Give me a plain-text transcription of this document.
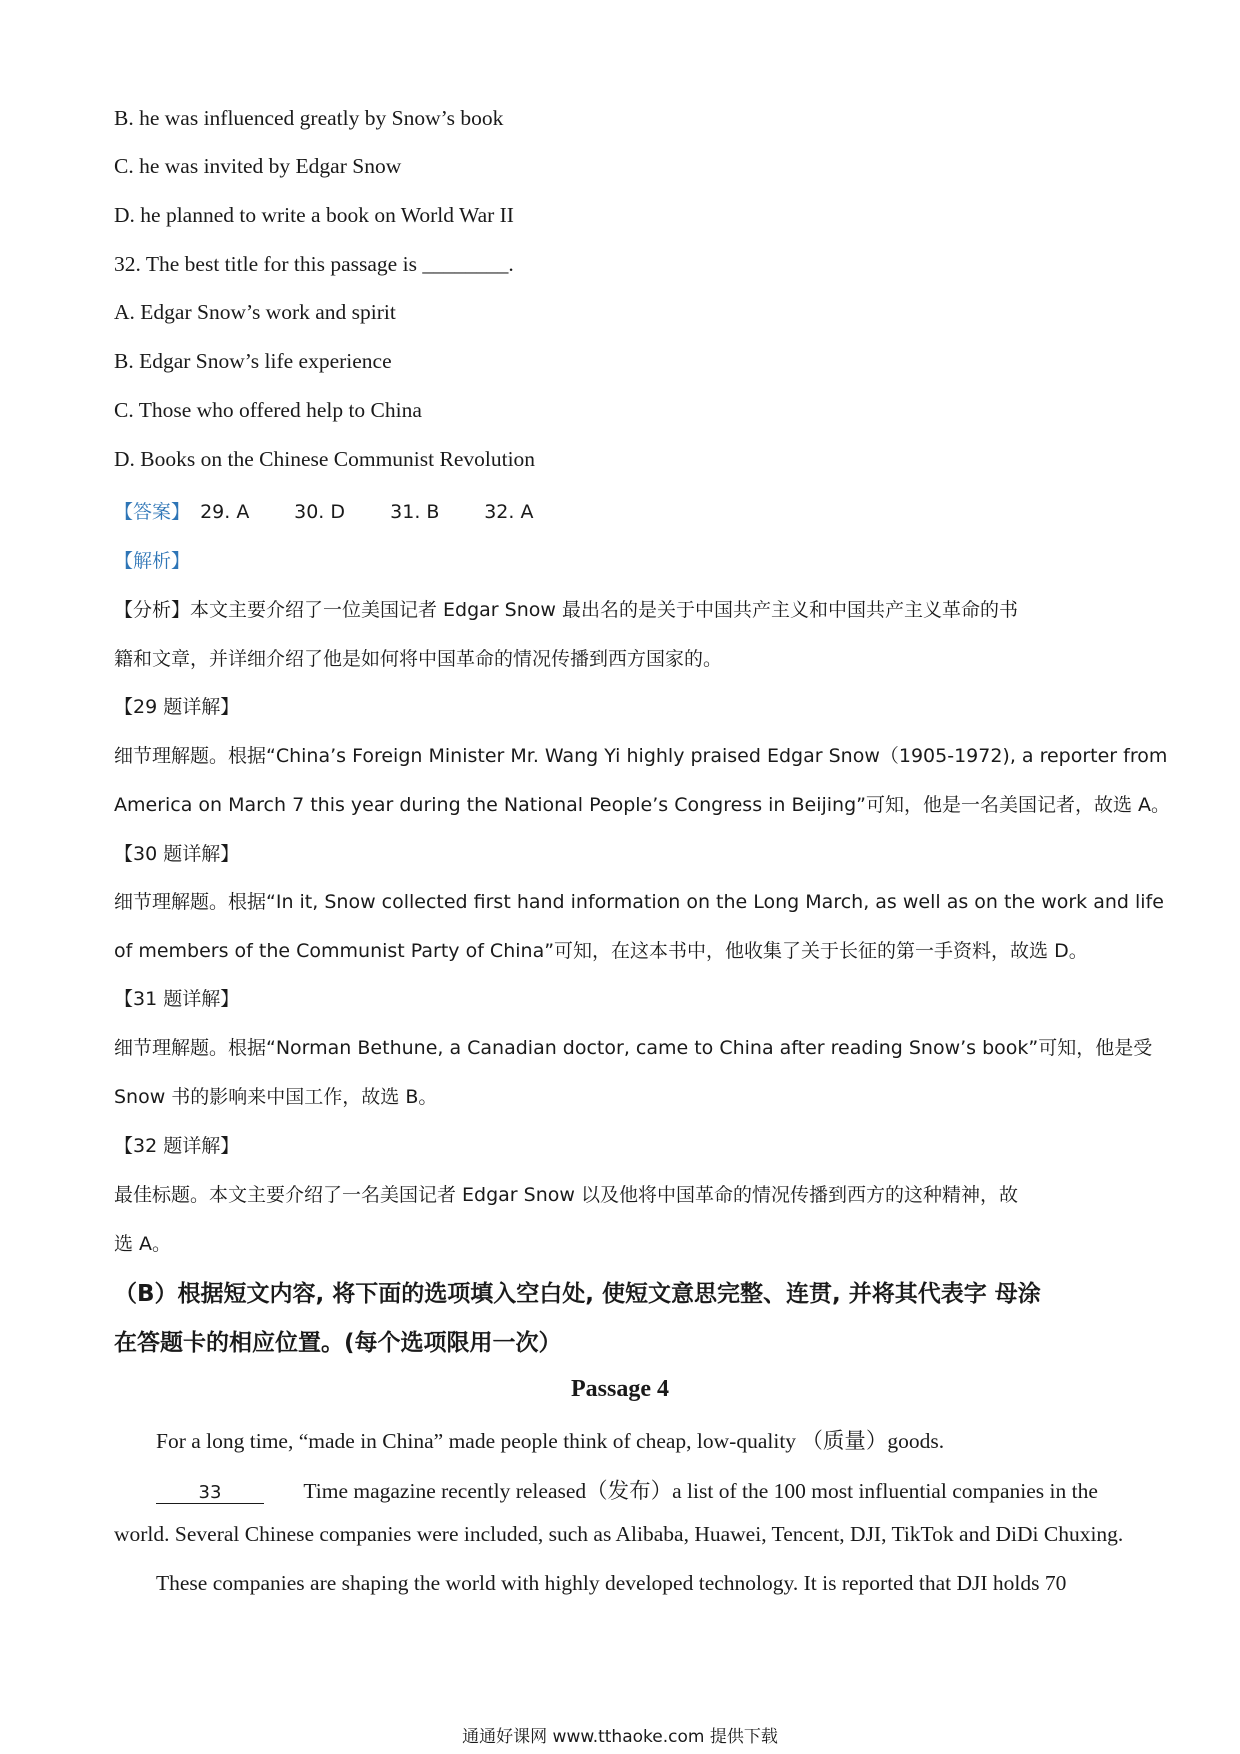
B. he was influenced greatly by Snow’s book
C. he was invited by Edgar Snow
D. he planned to write a book on World War II
32. The best title for this passage is ________.
A. Edgar Snow’s work and spirit
B. Edgar Snow’s life experience
C. Those who offered help to China
D. Books on the Chinese Communist Revolution
【答案】 29. A 30. D 31. B 32. A
【解析】
【分析】本文主要介绍了一位美国记者 Edgar Snow 最出名的是关于中国共产主义和中国共产主义革命的书
籍和文章，并详细介绍了他是如何将中国革命的情况传播到西方国家的。
【29 题详解】
细节理解题。根据“China’s Foreign Minister Mr. Wang Yi highly praised Edgar Snow（1905-1972), a reporter from
America on March 7 this year during the National People’s Congress in Beijing”可知，他是一名美国记者，故选 A。
【30 题详解】
细节理解题。根据“In it, Snow collected first hand information on the Long March, as well as on the work and life
of members of the Communist Party of China”可知，在这本书中，他收集了关于长征的第一手资料，故选 D。
【31 题详解】
细节理解题。根据“Norman Bethune, a Canadian doctor, came to China after reading Snow’s book”可知，他是受
Snow 书的影响来中国工作，故选 B。
【32 题详解】
最佳标题。本文主要介绍了一名美国记者 Edgar Snow 以及他将中国革命的情况传播到西方的这种精神，故
选 A。
（B）根据短文内容, 将下面的选项填入空白处, 使短文意思完整、连贯, 并将其代表字 母涂
在答题卡的相应位置。(每个选项限用一次）
Passage 4
For a long time, “made in China” made people think of cheap, low-quality （质量）goods.
33	Time magazine recently released（发布）a list of the 100 most influential companies in the
world. Several Chinese companies were included, such as Alibaba, Huawei, Tencent, DJI, TikTok and DiDi Chuxing.
These companies are shaping the world with highly developed technology. It is reported that DJI holds 70
通通好课网 www.tthaoke.com 提供下载
